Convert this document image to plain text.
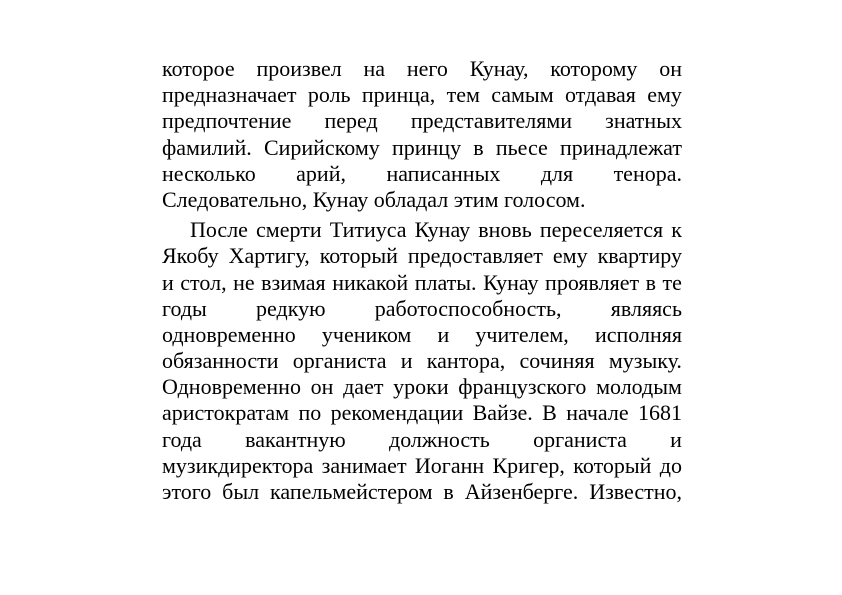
которое произвел на него Кунау, которому он
предназначает роль принца, тем самым отдавая ему
предпочтение перед представителями знатных
фамилий. Сирийскому принцу в пьесе принадлежат
несколько арий, написанных для тенора.
Следовательно, Кунау обладал этим голосом.
После смерти Титиуса Кунау вновь переселяется к
Якобу Хартигу, который предоставляет ему квартиру
и стол, не взимая никакой платы. Кунау проявляет в те
годы редкую работоспособность, являясь
одновременно учеником и учителем, исполняя
обязанности органиста и кантора, сочиняя музыку.
Одновременно он дает уроки французского молодым
аристократам по рекомендации Вайзе. В начале 1681
года вакантную должность органиста и
музикдиректора занимает Иоганн Кригер, который до
этого был капельмейстером в Айзенберге. Известно,
